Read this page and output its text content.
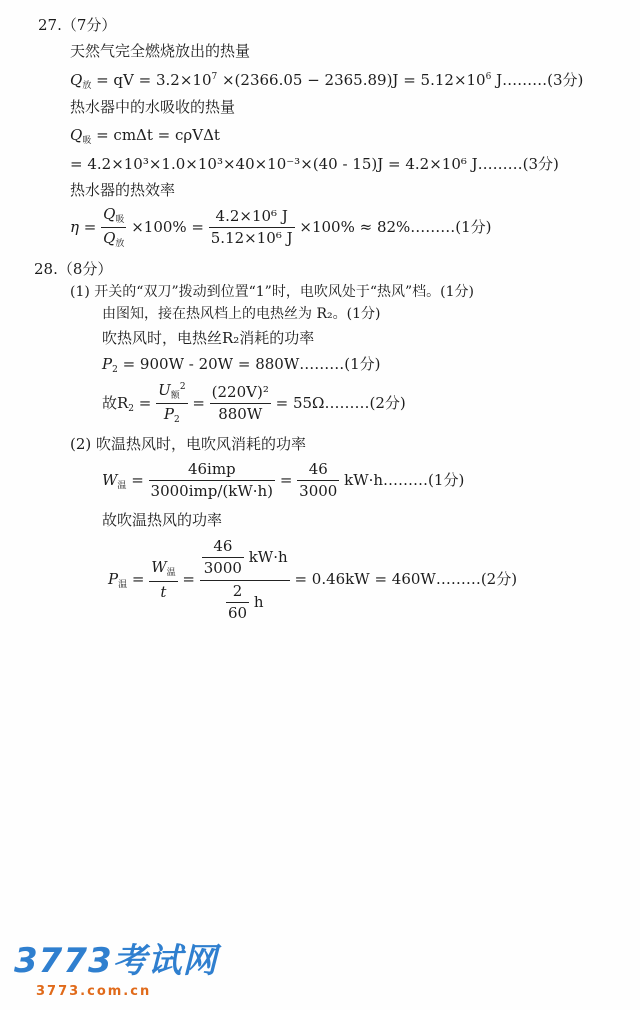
27.（7分）
天然气完全燃烧放出的热量
$Q_放$ = qV = $3.2\times 10^7 \times(2366.05 - 2365.89)J = 5.12\times 10^6$ J………(3分)
热水器中的水吸收的热量
$Q_吸 = cm\Delta t = c\rho V\Delta t$
= 4.2×10³×1.0×10³×40×10⁻³×(40 - 15)J = 4.2×10⁶ J………(3分)
热水器的热效率
$\eta = \frac{Q_吸}{Q_放} \times 100\% = \frac{\text{4.2×10⁶ J}}{\text{5.12×10⁶ J}} \times 100\%$ ≈ 82%………(1分)
28.（8分）
(1) 开关的“双刀”拨动到位置“1”时，电吹风处于“热风”档。(1分)
由图知，接在热风档上的电热丝为 R₂。(1分)
吹热风时，电热丝R₂消耗的功率
$P_2 = 900W - 20W$ = 880W………(1分)
故$R_2 = \frac{U_额^2}{P_2} = \frac{\text{(220V)²}}{880W}$ = 55Ω………(2分)
(2) 吹温热风时，电吹风消耗的功率
$W_温 = \frac{\text{46imp}}{\text{3000imp/(kW·h)}} = \frac{46}{3000}$ kW·h………(1分)
故吹温热风的功率
$P_温 = \frac{W_温}{t} = \frac{\frac{46}{3000} kW\cdot h}{\frac{2}{60} h} = 0.46kW$ = 460W………(2分)
3773考试网
3773.com.cn
